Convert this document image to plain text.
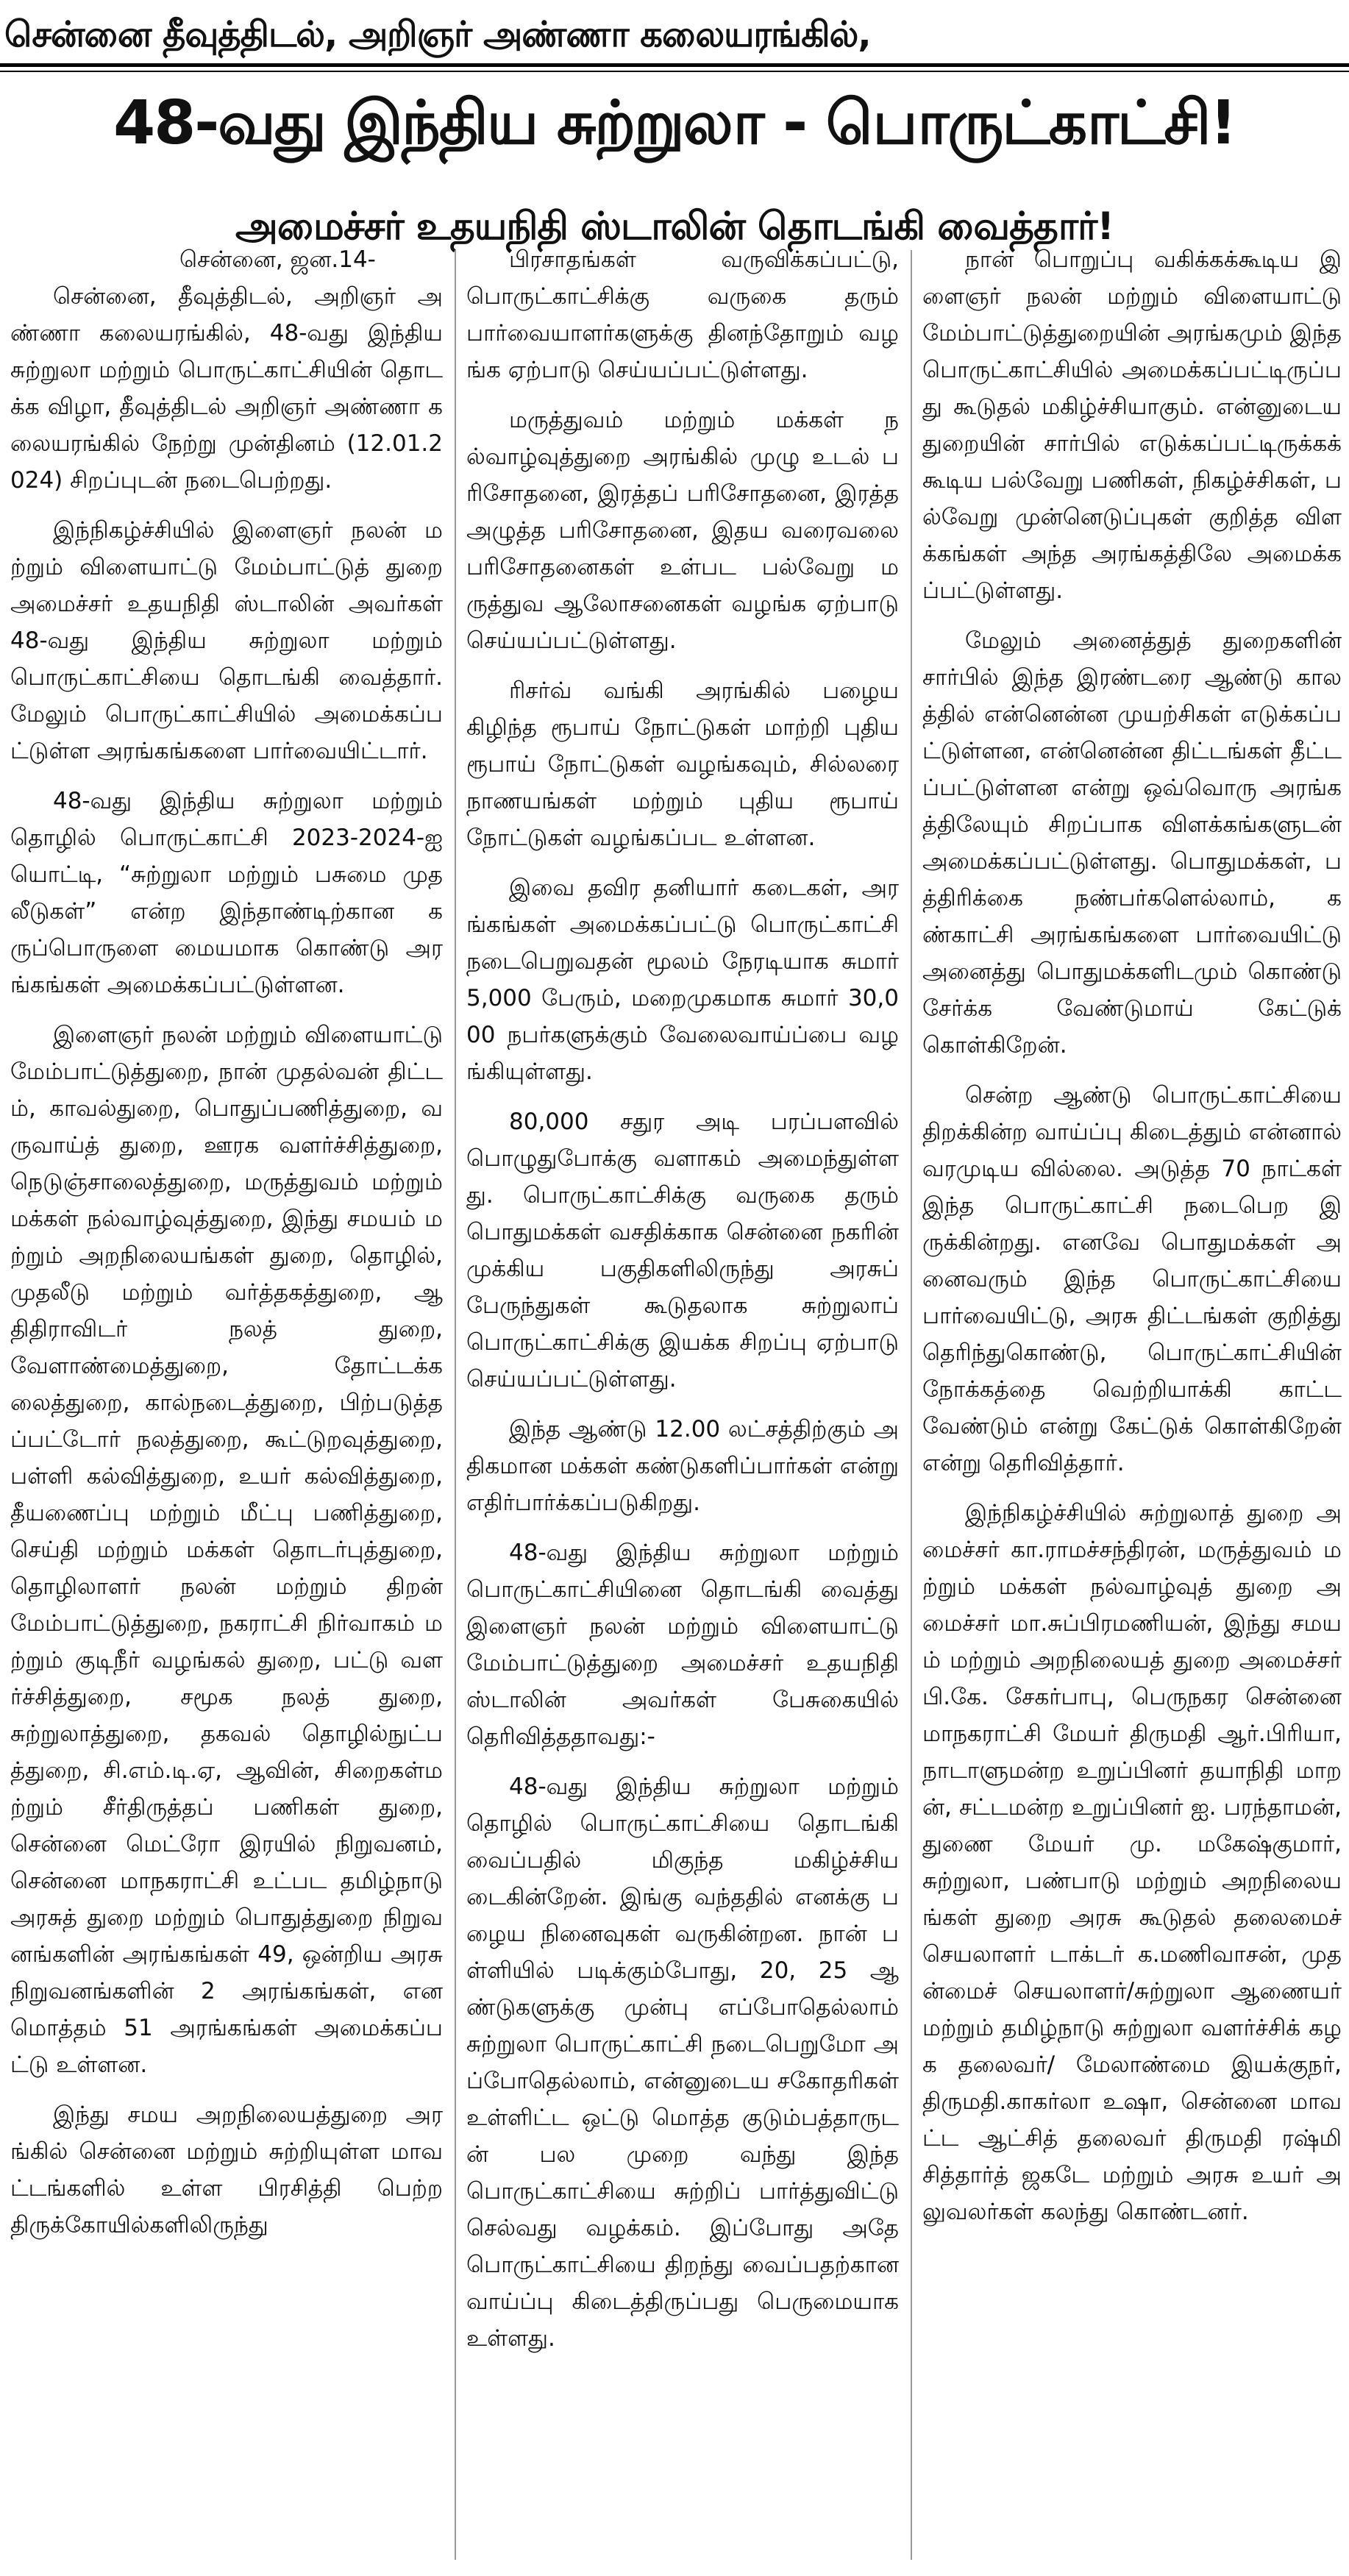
சென்னை தீவுத்திடல், அறிஞர் அண்ணா கலையரங்கில்,
48-வது இந்திய சுற்றுலா - பொருட்காட்சி!
அமைச்சர் உதயநிதி ஸ்டாலின் தொடங்கி வைத்தார்!

சென்னை, ஜன.14-

சென்னை, தீவுத்திடல், அறிஞர் அண்ணா கலையரங்கில், 48-வது இந்திய சுற்றுலா மற்றும் பொருட்காட்சியின் தொடக்க விழா, தீவுத்திடல் அறிஞர் அண்ணா கலையரங்கில் நேற்று முன்தினம் (12.01.2024) சிறப்புடன் நடைபெற்றது.

இந்நிகழ்ச்சியில் இளைஞர் நலன் மற்றும் விளையாட்டு மேம்பாட்டுத் துறை அமைச்சர் உதயநிதி ஸ்டாலின் அவர்கள் 48-வது இந்திய சுற்றுலா மற்றும் பொருட்காட்சியை தொடங்கி வைத்தார். மேலும் பொருட்காட்சியில் அமைக்கப்பட்டுள்ள அரங்கங்களை பார்வையிட்டார்.

48-வது இந்திய சுற்றுலா மற்றும் தொழில் பொருட்காட்சி 2023-2024-ஐ யொட்டி, “சுற்றுலா மற்றும் பசுமை முதலீடுகள்” என்ற இந்தாண்டிற்கான கருப்பொருளை மையமாக கொண்டு அரங்கங்கள் அமைக்கப்பட்டுள்ளன.

இளைஞர் நலன் மற்றும் விளையாட்டு மேம்பாட்டுத்துறை, நான் முதல்வன் திட்டம், காவல்துறை, பொதுப்பணித்துறை, வருவாய்த் துறை, ஊரக வளர்ச்சித்துறை, நெடுஞ்சாலைத்துறை, மருத்துவம் மற்றும் மக்கள் நல்வாழ்வுத்துறை, இந்து சமயம் மற்றும் அறநிலையங்கள் துறை, தொழில், முதலீடு மற்றும் வர்த்தகத்துறை, ஆதிதிராவிடர் நலத் துறை, வேளாண்மைத்துறை, தோட்டக்கலைத்துறை, கால்நடைத்துறை, பிற்படுத்தப்பட்டோர் நலத்துறை, கூட்டுறவுத்துறை, பள்ளி கல்வித்துறை, உயர் கல்வித்துறை, தீயணைப்பு மற்றும் மீட்பு பணித்துறை, செய்தி மற்றும் மக்கள் தொடர்புத்துறை, தொழிலாளர் நலன் மற்றும் திறன் மேம்பாட்டுத்துறை, நகராட்சி நிர்வாகம் மற்றும் குடிநீர் வழங்கல் துறை, பட்டு வளர்ச்சித்துறை, சமூக நலத் துறை, சுற்றுலாத்துறை, தகவல் தொழில்நுட்பத்துறை, சி.எம்.டி.ஏ, ஆவின், சிறைகள்மற்றும் சீர்திருத்தப் பணிகள் துறை, சென்னை மெட்ரோ இரயில் நிறுவனம், சென்னை மாநகராட்சி உட்பட தமிழ்நாடு அரசுத் துறை மற்றும் பொதுத்துறை நிறுவனங்களின் அரங்கங்கள் 49, ஒன்றிய அரசு நிறுவனங்களின் 2 அரங்கங்கள், என மொத்தம் 51 அரங்கங்கள் அமைக்கப்பட்டு உள்ளன.

இந்து சமய அறநிலையத்துறை அரங்கில் சென்னை மற்றும் சுற்றியுள்ள மாவட்டங்களில் உள்ள பிரசித்தி பெற்ற திருக்கோயில்களிலிருந்து

பிரசாதங்கள் வருவிக்கப்பட்டு, பொருட்காட்சிக்கு வருகை தரும் பார்வையாளர்களுக்கு தினந்தோறும் வழங்க ஏற்பாடு செய்யப்பட்டுள்ளது.

மருத்துவம் மற்றும் மக்கள் நல்வாழ்வுத்துறை அரங்கில் முழு உடல் பரிசோதனை, இரத்தப் பரிசோதனை, இரத்த அழுத்த பரிசோதனை, இதய வரைவலை பரிசோதனைகள் உள்பட பல்வேறு மருத்துவ ஆலோசனைகள் வழங்க ஏற்பாடு செய்யப்பட்டுள்ளது.

ரிசர்வ் வங்கி அரங்கில் பழைய கிழிந்த ரூபாய் நோட்டுகள் மாற்றி புதிய ரூபாய் நோட்டுகள் வழங்கவும், சில்லரை நாணயங்கள் மற்றும் புதிய ரூபாய் நோட்டுகள் வழங்கப்பட உள்ளன.

இவை தவிர தனியார் கடைகள், அரங்கங்கள் அமைக்கப்பட்டு பொருட்காட்சி நடைபெறுவதன் மூலம் நேரடியாக சுமார் 5,000 பேரும், மறைமுகமாக சுமார் 30,000 நபர்களுக்கும் வேலைவாய்ப்பை வழங்கியுள்ளது.

80,000 சதுர அடி பரப்பளவில் பொழுதுபோக்கு வளாகம் அமைந்துள்ளது. பொருட்காட்சிக்கு வருகை தரும் பொதுமக்கள் வசதிக்காக சென்னை நகரின் முக்கிய பகுதிகளிலிருந்து அரசுப் பேருந்துகள் கூடுதலாக சுற்றுலாப் பொருட்காட்சிக்கு இயக்க சிறப்பு ஏற்பாடு செய்யப்பட்டுள்ளது.

இந்த ஆண்டு 12.00 லட்சத்திற்கும் அதிகமான மக்கள் கண்டுகளிப்பார்கள் என்று எதிர்பார்க்கப்படுகிறது.

48-வது இந்திய சுற்றுலா மற்றும் பொருட்காட்சியினை தொடங்கி வைத்து இளைஞர் நலன் மற்றும் விளையாட்டு மேம்பாட்டுத்துறை அமைச்சர் உதயநிதி ஸ்டாலின் அவர்கள் பேசுகையில் தெரிவித்ததாவது:-

48-வது இந்திய சுற்றுலா மற்றும் தொழில் பொருட்காட்சியை தொடங்கி வைப்பதில் மிகுந்த மகிழ்ச்சியடைகின்றேன். இங்கு வந்ததில் எனக்கு பழைய நினைவுகள் வருகின்றன. நான் பள்ளியில் படிக்கும்போது, 20, 25 ஆண்டுகளுக்கு முன்பு எப்போதெல்லாம் சுற்றுலா பொருட்காட்சி நடைபெறுமோ அப்போதெல்லாம், என்னுடைய சகோதரிகள் உள்ளிட்ட ஒட்டு மொத்த குடும்பத்தாருடன் பல முறை வந்து இந்த பொருட்காட்சியை சுற்றிப் பார்த்துவிட்டு செல்வது வழக்கம். இப்போது அதே பொருட்காட்சியை திறந்து வைப்பதற்கான வாய்ப்பு கிடைத்திருப்பது பெருமையாக உள்ளது.

நான் பொறுப்பு வகிக்கக்கூடிய இளைஞர் நலன் மற்றும் விளையாட்டு மேம்பாட்டுத்துறையின் அரங்கமும் இந்த பொருட்காட்சியில் அமைக்கப்பட்டிருப்பது கூடுதல் மகிழ்ச்சியாகும். என்னுடைய துறையின் சார்பில் எடுக்கப்பட்டிருக்கக் கூடிய பல்வேறு பணிகள், நிகழ்ச்சிகள், பல்வேறு முன்னெடுப்புகள் குறித்த விளக்கங்கள் அந்த அரங்கத்திலே அமைக்கப்பட்டுள்ளது.

மேலும் அனைத்துத் துறைகளின் சார்பில் இந்த இரண்டரை ஆண்டு காலத்தில் என்னென்ன முயற்சிகள் எடுக்கப்பட்டுள்ளன, என்னென்ன திட்டங்கள் தீட்டப்பட்டுள்ளன என்று ஒவ்வொரு அரங்கத்திலேயும் சிறப்பாக விளக்கங்களுடன் அமைக்கப்பட்டுள்ளது. பொதுமக்கள், பத்திரிக்கை நண்பர்களெல்லாம், கண்காட்சி அரங்கங்களை பார்வையிட்டு அனைத்து பொதுமக்களிடமும் கொண்டு சேர்க்க வேண்டுமாய் கேட்டுக் கொள்கிறேன்.

சென்ற ஆண்டு பொருட்காட்சியை திறக்கின்ற வாய்ப்பு கிடைத்தும் என்னால் வரமுடிய வில்லை. அடுத்த 70 நாட்கள் இந்த பொருட்காட்சி நடைபெற இருக்கின்றது. எனவே பொதுமக்கள் அனைவரும் இந்த பொருட்காட்சியை பார்வையிட்டு, அரசு திட்டங்கள் குறித்து தெரிந்துகொண்டு, பொருட்காட்சியின் நோக்கத்தை வெற்றியாக்கி காட்ட வேண்டும் என்று கேட்டுக் கொள்கிறேன் என்று தெரிவித்தார்.

இந்நிகழ்ச்சியில் சுற்றுலாத் துறை அமைச்சர் கா.ராமச்சந்திரன், மருத்துவம் மற்றும் மக்கள் நல்வாழ்வுத் துறை அமைச்சர் மா.சுப்பிரமணியன், இந்து சமயம் மற்றும் அறநிலையத் துறை அமைச்சர் பி.கே. சேகர்பாபு, பெருநகர சென்னை மாநகராட்சி மேயர் திருமதி ஆர்.பிரியா, நாடாளுமன்ற உறுப்பினர் தயாநிதி மாறன், சட்டமன்ற உறுப்பினர் ஐ. பரந்தாமன், துணை மேயர் மு. மகேஷ்குமார், சுற்றுலா, பண்பாடு மற்றும் அறநிலையங்கள் துறை அரசு கூடுதல் தலைமைச் செயலாளர் டாக்டர் க.மணிவாசன், முதன்மைச் செயலாளர்/சுற்றுலா ஆணையர் மற்றும் தமிழ்நாடு சுற்றுலா வளர்ச்சிக் கழக தலைவர்/ மேலாண்மை இயக்குநர், திருமதி.காகர்லா உஷா, சென்னை மாவட்ட ஆட்சித் தலைவர் திருமதி ரஷ்மி சித்தார்த் ஜகடே மற்றும் அரசு உயர் அலுவலர்கள் கலந்து கொண்டனர்.
